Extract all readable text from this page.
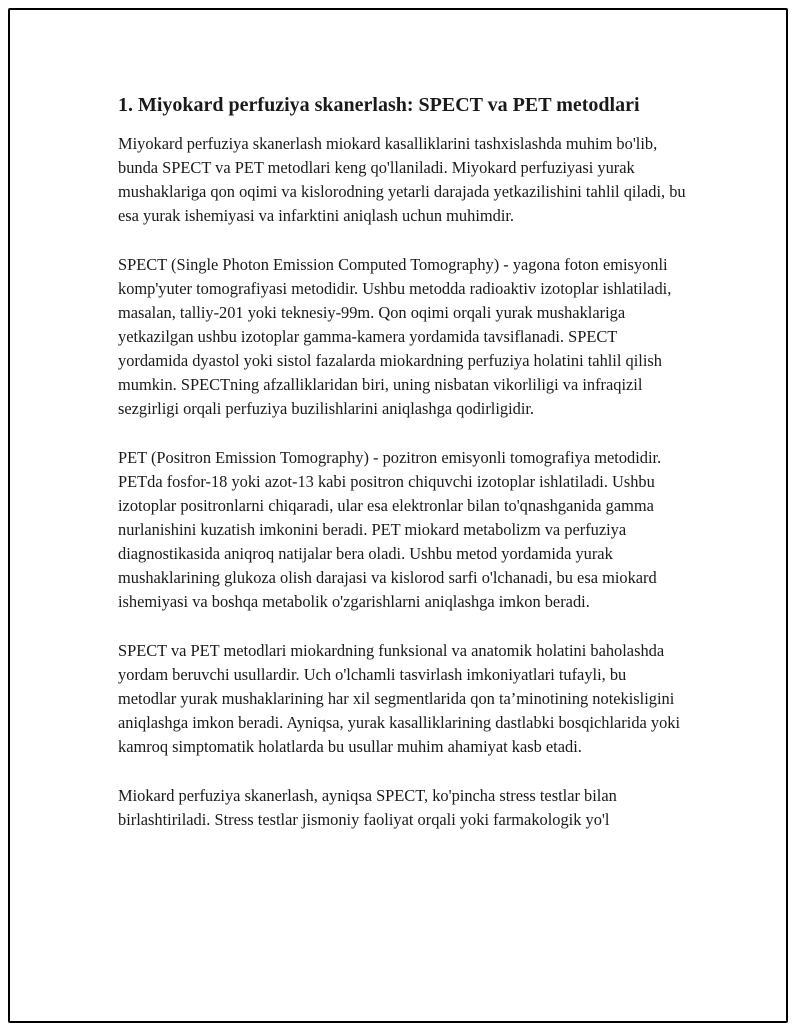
1. Miyokard perfuziya skanerlash: SPECT va PET metodlari

Miyokard perfuziya skanerlash miokard kasalliklarini tashxislashda muhim bo'lib, bunda SPECT va PET metodlari keng qo'llaniladi. Miyokard perfuziyasi yurak mushaklariga qon oqimi va kislorodning yetarli darajada yetkazilishini tahlil qiladi, bu esa yurak ishemiyasi va infarktini aniqlash uchun muhimdir.

SPECT (Single Photon Emission Computed Tomography) - yagona foton emisyonli komp'yuter tomografiyasi metodidir. Ushbu metodda radioaktiv izotoplar ishlatiladi, masalan, talliy-201 yoki teknesiy-99m. Qon oqimi orqali yurak mushaklariga yetkazilgan ushbu izotoplar gamma-kamera yordamida tavsiflanadi. SPECT yordamida dyastol yoki sistol fazalarda miokardning perfuziya holatini tahlil qilish mumkin. SPECTning afzalliklaridan biri, uning nisbatan vikorliligi va infraqizil sezgirligi orqali perfuziya buzilishlarini aniqlashga qodirligidir.

PET (Positron Emission Tomography) - pozitron emisyonli tomografiya metodidir. PETda fosfor-18 yoki azot-13 kabi positron chiquvchi izotoplar ishlatiladi. Ushbu izotoplar positronlarni chiqaradi, ular esa elektronlar bilan to'qnashganida gamma nurlanishini kuzatish imkonini beradi. PET miokard metabolizm va perfuziya diagnostikasida aniqroq natijalar bera oladi. Ushbu metod yordamida yurak mushaklarining glukoza olish darajasi va kislorod sarfi o'lchanadi, bu esa miokard ishemiyasi va boshqa metabolik o'zgarishlarni aniqlashga imkon beradi.

SPECT va PET metodlari miokardning funksional va anatomik holatini baholashda yordam beruvchi usullardir. Uch o'lchamli tasvirlash imkoniyatlari tufayli, bu metodlar yurak mushaklarining har xil segmentlarida qon ta’minotining notekisligini aniqlashga imkon beradi. Ayniqsa, yurak kasalliklarining dastlabki bosqichlarida yoki kamroq simptomatik holatlarda bu usullar muhim ahamiyat kasb etadi.

Miokard perfuziya skanerlash, ayniqsa SPECT, ko'pincha stress testlar bilan birlashtiriladi. Stress testlar jismoniy faoliyat orqali yoki farmakologik yo'l
